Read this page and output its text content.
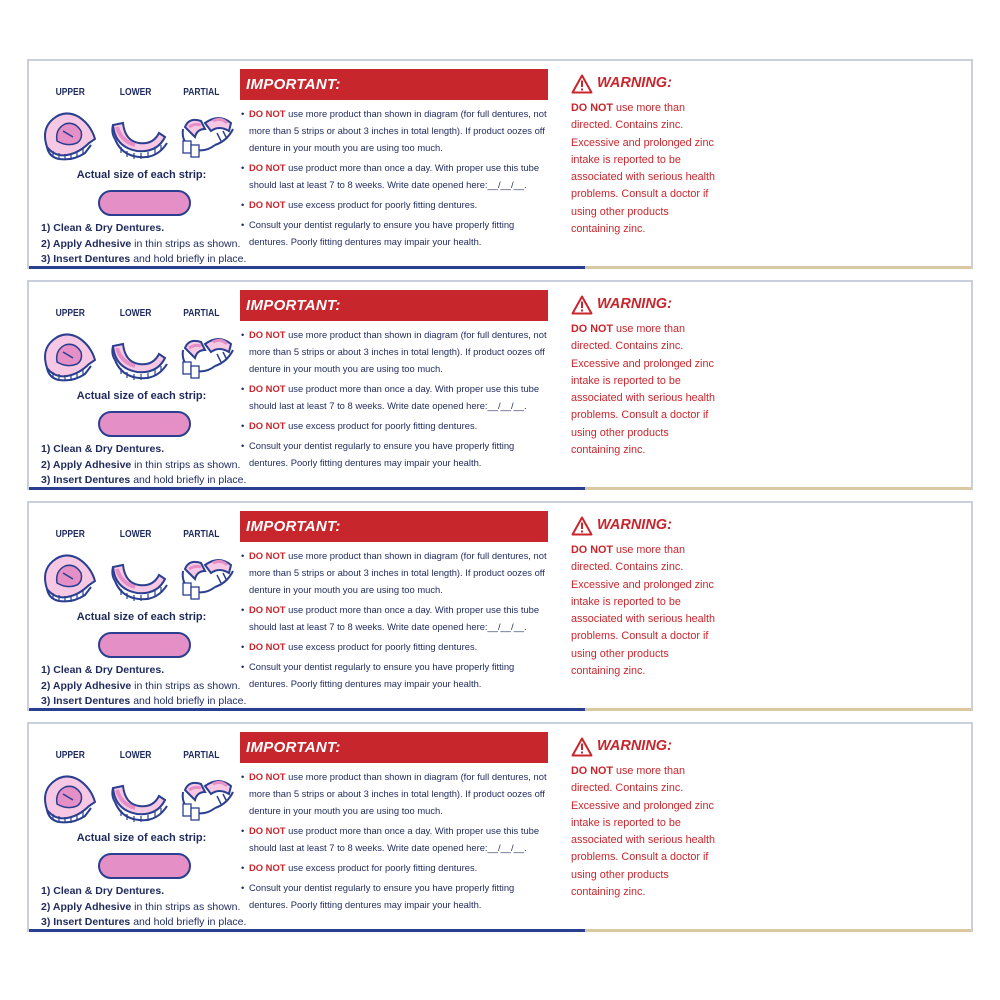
UPPER	LOWER	PARTIAL
Actual size of each strip:
1) Clean & Dry Dentures.
2) Apply Adhesive in thin strips as shown.
3) Insert Dentures and hold briefly in place.
IMPORTANT:
• DO NOT use more product than shown in diagram (for full dentures, not more than 5 strips or about 3 inches in total length). If product oozes off denture in your mouth you are using too much.
• DO NOT use product more than once a day. With proper use this tube should last at least 7 to 8 weeks. Write date opened here:__/__/__.
• DO NOT use excess product for poorly fitting dentures.
• Consult your dentist regularly to ensure you have properly fitting dentures. Poorly fitting dentures may impair your health.
WARNING:
DO NOT use more than directed. Contains zinc. Excessive and prolonged zinc intake is reported to be associated with serious health problems. Consult a doctor if using other products containing zinc.
UPPER	LOWER	PARTIAL
Actual size of each strip:
1) Clean & Dry Dentures.
2) Apply Adhesive in thin strips as shown.
3) Insert Dentures and hold briefly in place.
IMPORTANT:
• DO NOT use more product than shown in diagram (for full dentures, not more than 5 strips or about 3 inches in total length). If product oozes off denture in your mouth you are using too much.
• DO NOT use product more than once a day. With proper use this tube should last at least 7 to 8 weeks. Write date opened here:__/__/__.
• DO NOT use excess product for poorly fitting dentures.
• Consult your dentist regularly to ensure you have properly fitting dentures. Poorly fitting dentures may impair your health.
WARNING:
DO NOT use more than directed. Contains zinc. Excessive and prolonged zinc intake is reported to be associated with serious health problems. Consult a doctor if using other products containing zinc.
UPPER	LOWER	PARTIAL
Actual size of each strip:
1) Clean & Dry Dentures.
2) Apply Adhesive in thin strips as shown.
3) Insert Dentures and hold briefly in place.
IMPORTANT:
• DO NOT use more product than shown in diagram (for full dentures, not more than 5 strips or about 3 inches in total length). If product oozes off denture in your mouth you are using too much.
• DO NOT use product more than once a day. With proper use this tube should last at least 7 to 8 weeks. Write date opened here:__/__/__.
• DO NOT use excess product for poorly fitting dentures.
• Consult your dentist regularly to ensure you have properly fitting dentures. Poorly fitting dentures may impair your health.
WARNING:
DO NOT use more than directed. Contains zinc. Excessive and prolonged zinc intake is reported to be associated with serious health problems. Consult a doctor if using other products containing zinc.
UPPER	LOWER	PARTIAL
Actual size of each strip:
1) Clean & Dry Dentures.
2) Apply Adhesive in thin strips as shown.
3) Insert Dentures and hold briefly in place.
IMPORTANT:
• DO NOT use more product than shown in diagram (for full dentures, not more than 5 strips or about 3 inches in total length). If product oozes off denture in your mouth you are using too much.
• DO NOT use product more than once a day. With proper use this tube should last at least 7 to 8 weeks. Write date opened here:__/__/__.
• DO NOT use excess product for poorly fitting dentures.
• Consult your dentist regularly to ensure you have properly fitting dentures. Poorly fitting dentures may impair your health.
WARNING:
DO NOT use more than directed. Contains zinc. Excessive and prolonged zinc intake is reported to be associated with serious health problems. Consult a doctor if using other products containing zinc.
